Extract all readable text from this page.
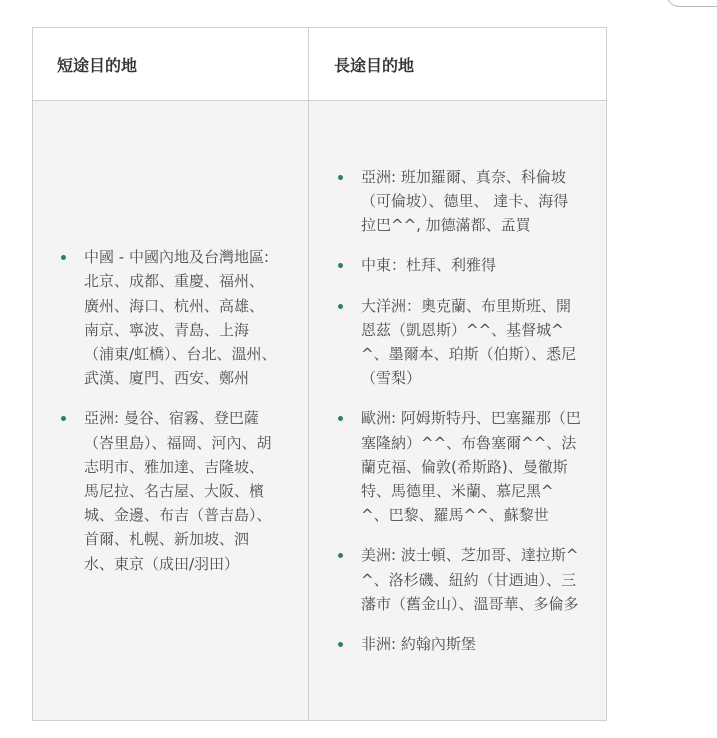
短途目的地	長途目的地
中國 - 中國內地及台灣地區: 北京、成都、重慶、福州、廣州、海口、杭州、高雄、南京、寧波、青島、上海（浦東/虹橋）、台北、溫州、武漢、廈門、西安、鄭州
亞洲: 曼谷、宿霧、登巴薩（峇里島）、福岡、河內、胡志明市、雅加達、吉隆坡、馬尼拉、名古屋、大阪、檳城、金邊、布吉（普吉島）、首爾、札幌、新加坡、泗水、東京（成田/羽田）
亞洲: 班加羅爾、真奈、科倫坡（可倫坡）、德里、 達卡、海得拉巴^^, 加德滿都、孟買
中東：杜拜、利雅得
大洋洲：奧克蘭、布里斯班、開恩茲（凱恩斯）^^、基督城^^、墨爾本、珀斯（伯斯）、悉尼（雪梨）
歐洲: 阿姆斯特丹、巴塞羅那（巴塞隆納）^^、布魯塞爾^^、法蘭克福、倫敦(希斯路)、曼徹斯特、馬德里、米蘭、慕尼黑^^、巴黎、羅馬^^、蘇黎世
美洲: 波士頓、芝加哥、達拉斯^^、洛杉磯、紐約（甘迺迪）、三藩市（舊金山）、溫哥華、多倫多
非洲: 約翰內斯堡
